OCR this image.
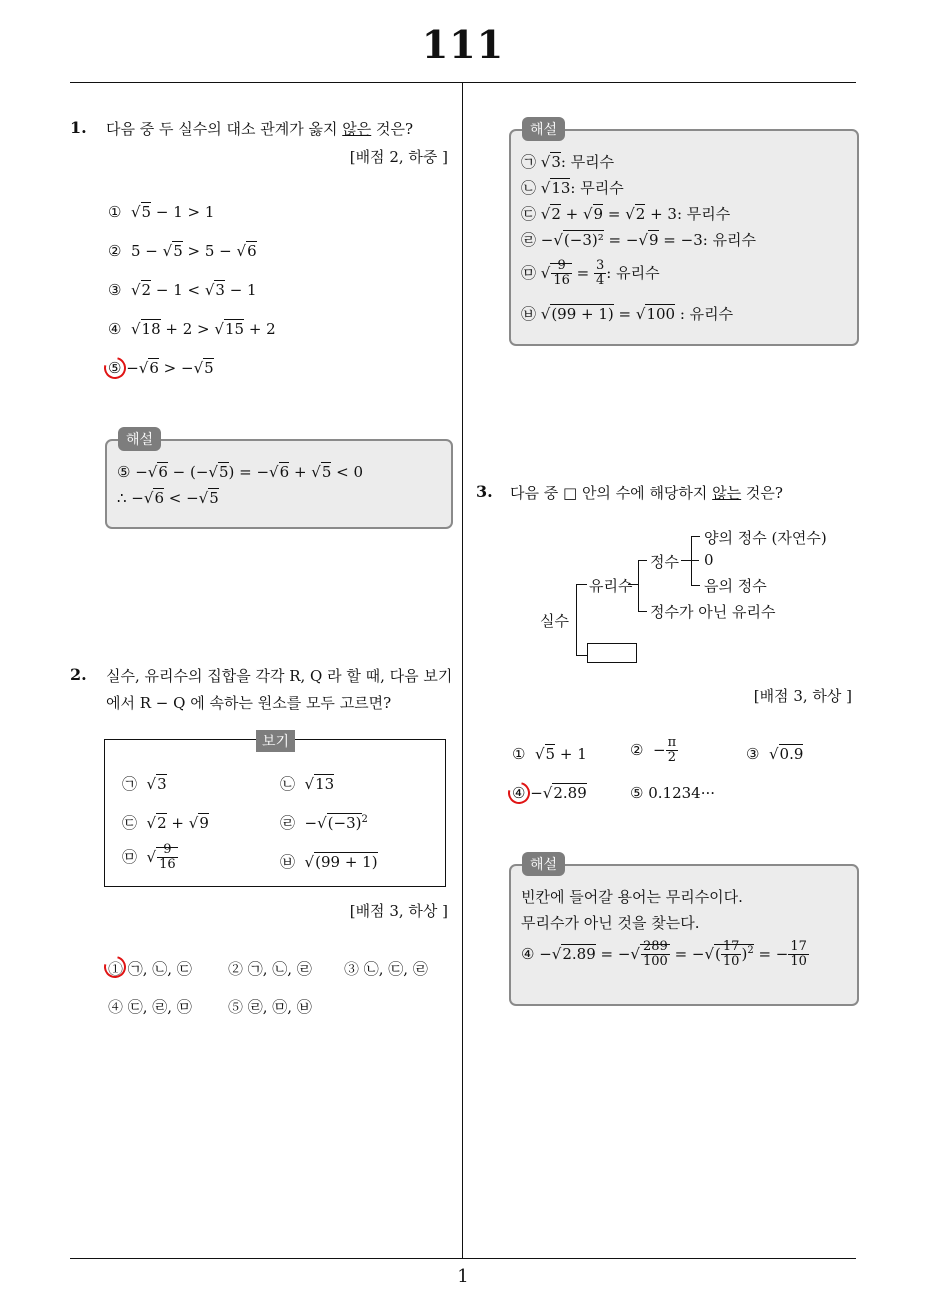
111
1
1. 다음 중 두 실수의 대소 관계가 옳지 않은 것은?
[배점 2, 하중 ]
①  √5 − 1 > 1
②  5 − √5 > 5 − √6
③  √2 − 1 < √3 − 1
④  √18 + 2 > √15 + 2
⑤ −√6 > −√5
해설
⑤ −√6 − (−√5) = −√6 + √5 < 0
∴ −√6 < −√5
2. 실수, 유리수의 집합을 각각 R, Q 라 할 때, 다음 보기
에서 R − Q 에 속하는 원소를 모두 고르면?
보기
㉠  √3	㉡  √13
㉢  √2 + √9	㉣  $-√(-3)^2$
㉤  √ $\frac{9}{16}$	㉥  √(99 + 1)
[배점 3, 하상 ]
① ㉠, ㉡, ㉢ ② ㉠, ㉡, ㉣ ③ ㉡, ㉢, ㉣
④ ㉢, ㉣, ㉤ ⑤ ㉣, ㉤, ㉥
해설
㉠ √3: 무리수
㉡ √13: 무리수
㉢ √2 + √9 = √2 + 3: 무리수
㉣ −√(−3)² = −√9 = −3: 유리수
㉤ √ $\frac{9}{16} = \frac{3}{4}$ : 유리수
㉥ √(99 + 1) = √100 : 유리수
3. 다음 중 □ 안의 수에 해당하지 않는 것은?
실수
유리수
정수
정수가 아닌 유리수
양의 정수 (자연수)
0
음의 정수
[배점 3, 하상 ]
①  √5 + 1	②  − $\frac{\pi}{2}$	③  √0.9
④ −√2.89	⑤ 0.1234···
해설
빈칸에 들어갈 용어는 무리수이다.
무리수가 아닌 것을 찾는다.
④ −√2.89 = −√ $\frac{289}{100}$ = −√( $\frac{17}{10} )^2$ = − $\frac{17}{10}$
